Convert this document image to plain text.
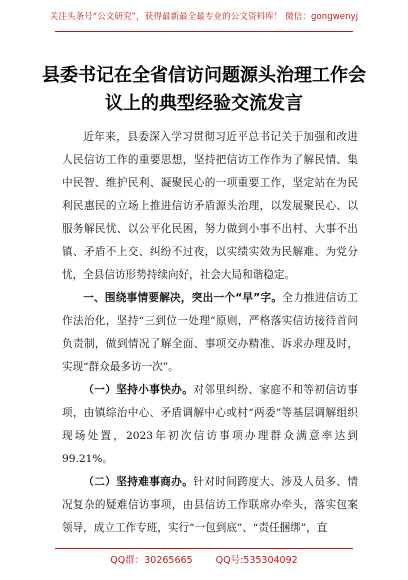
关注头条号“公文研究”，获得最新最全最专业的公文资料库！ 微信：gongwenyj
县委书记在全省信访问题源头治理工作会
议上的典型经验交流发言

近年来，县委深入学习贯彻习近平总书记关于加强和改进人民信访工作的重要思想，坚持把信访工作作为了解民情、集中民智、维护民利、凝聚民心的一项重要工作，坚定站在为民利民惠民的立场上推进信访矛盾源头治理，以发展聚民心、以服务解民忧、以公平化民困，努力做到小事不出村、大事不出镇、矛盾不上交、纠纷不过夜，以实绩实效为民解难、为党分忧，全县信访形势持续向好，社会大局和谐稳定。

一、围绕事情要解决，突出一个“早”字。全力推进信访工作法治化，坚持“三到位一处理”原则，严格落实信访接待首问负责制，做到情况了解全面、事项交办精准、诉求办理及时，实现“群众最多访一次”。

（一）坚持小事快办。对邻里纠纷、家庭不和等初信访事项，由镇综治中心、矛盾调解中心或村“两委”等基层调解组织现场处置，2023年初次信访事项办理群众满意率达到99.21%。

（二）坚持难事商办。针对时间跨度大、涉及人员多、情况复杂的疑难信访事项，由县信访工作联席办牵头，落实包案领导，成立工作专班，实行“一包到底”、“责任捆绑”，直

QQ群：30265665 QQ号:535304092
